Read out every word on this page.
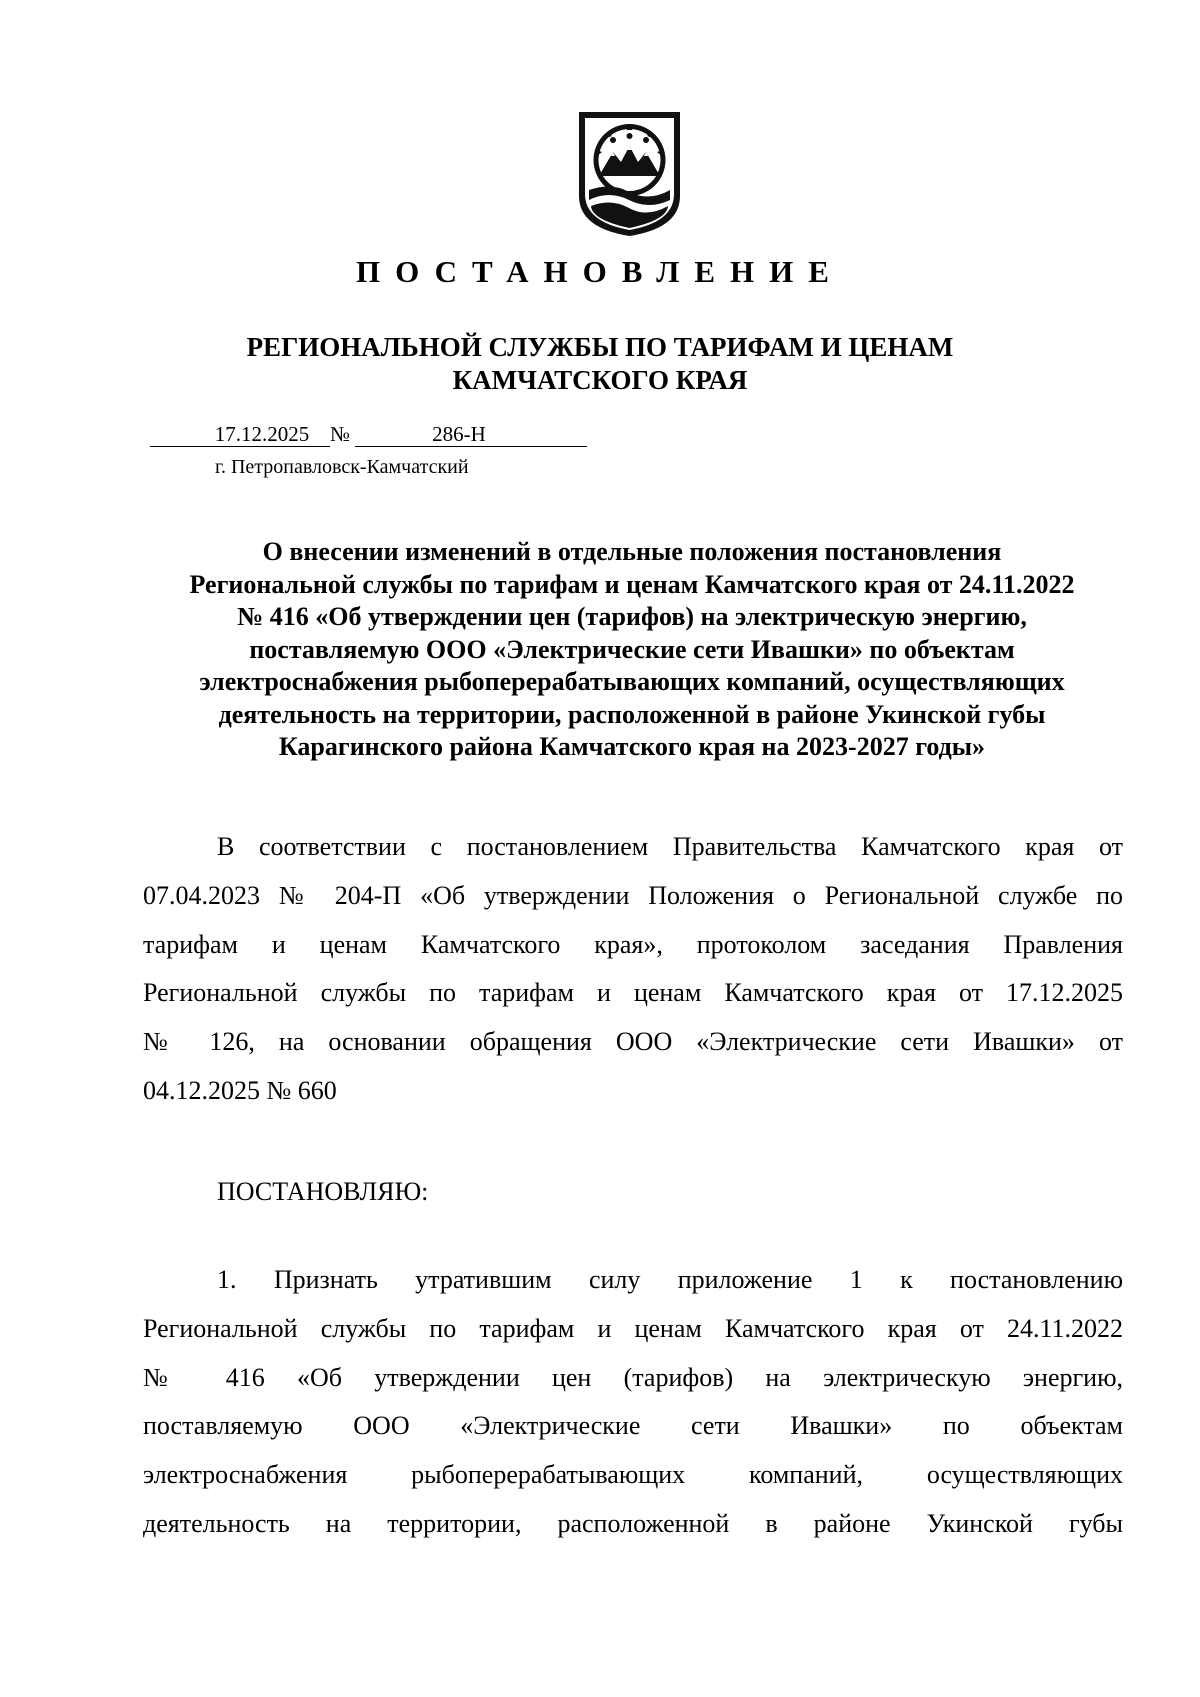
ПОСТАНОВЛЕНИЕ
РЕГИОНАЛЬНОЙ СЛУЖБЫ ПО ТАРИФАМ И ЦЕНАМ
КАМЧАТСКОГО КРАЯ
17.12.2025 №	286-Н
г. Петропавловск-Камчатский
О внесении изменений в отдельные положения постановления
Региональной службы по тарифам и ценам Камчатского края от 24.11.2022
№ 416 «Об утверждении цен (тарифов) на электрическую энергию,
поставляемую ООО «Электрические сети Ивашки» по объектам
электроснабжения рыбоперерабатывающих компаний, осуществляющих
деятельность на территории, расположенной в районе Укинской губы
Карагинского района Камчатского края на 2023-2027 годы»
В соответствии с постановлением Правительства Камчатского края от
07.04.2023 № 204-П «Об утверждении Положения о Региональной службе по
тарифам и ценам Камчатского края», протоколом заседания Правления
Региональной службы по тарифам и ценам Камчатского края от 17.12.2025
№ 126, на основании обращения ООО «Электрические сети Ивашки» от
04.12.2025 № 660
ПОСТАНОВЛЯЮ:
1. Признать утратившим силу приложение 1 к постановлению
Региональной службы по тарифам и ценам Камчатского края от 24.11.2022
№ 416 «Об утверждении цен (тарифов) на электрическую энергию,
поставляемую ООО «Электрические сети Ивашки» по объектам
электроснабжения рыбоперерабатывающих компаний, осуществляющих
деятельность на территории, расположенной в районе Укинской губы
